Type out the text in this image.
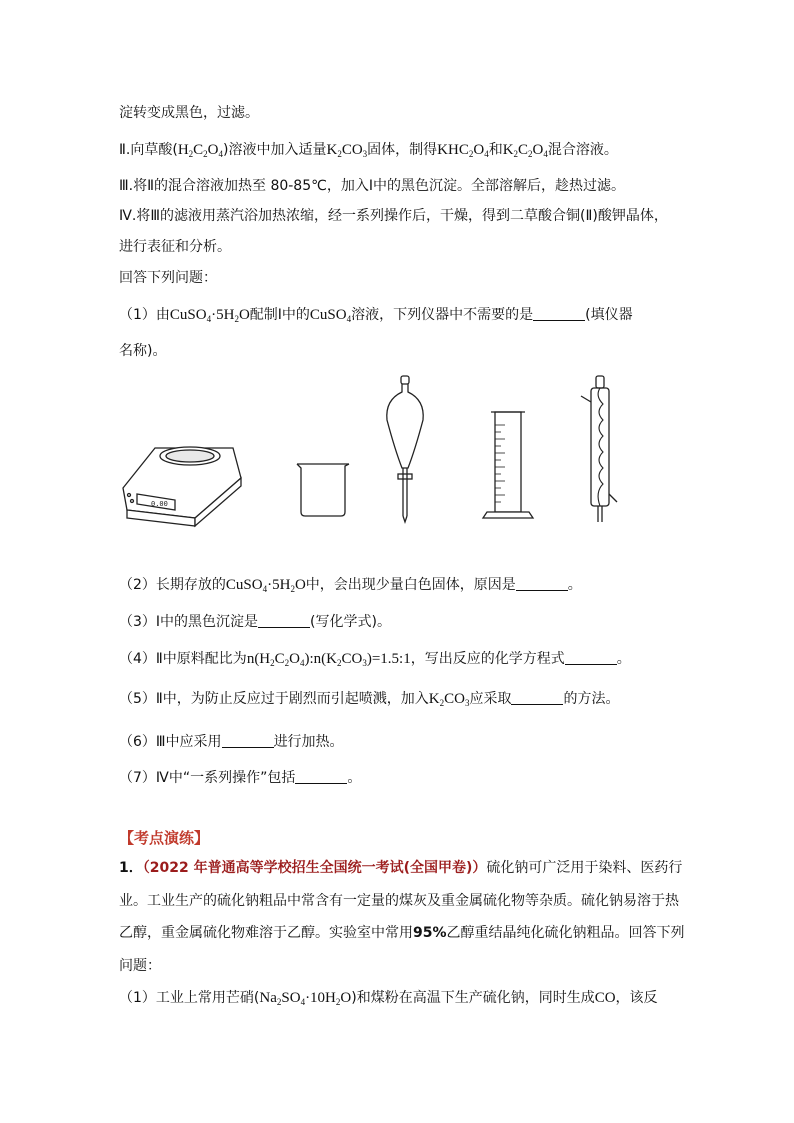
淀转变成黑色，过滤。
Ⅱ.向草酸$(H_2C_2O_4)$溶液中加入适量$K_2CO_3$固体，制得$KHC_2O_4$和$K_2C_2O_4$混合溶液。
Ⅲ.将Ⅱ的混合溶液加热至 80-85℃，加入Ⅰ中的黑色沉淀。全部溶解后，趁热过滤。
Ⅳ.将Ⅲ的滤液用蒸汽浴加热浓缩，经一系列操作后，干燥，得到二草酸合铜(Ⅱ)酸钾晶体，
进行表征和分析。
回答下列问题：
（1）由$CuSO_4\cdot 5H_2O$配制Ⅰ中的CuSO$_4$溶液，下列仪器中不需要的是	(填仪器
名称)。
0.00
（2）长期存放的$CuSO_4\cdot 5H_2O$中，会出现少量白色固体，原因是	。
（3）Ⅰ中的黑色沉淀是	(写化学式)。
（4）Ⅱ中原料配比为$n(H_2C_2O_4):n(K_2CO_3)=1.5:1$，写出反应的化学方程式	。
（5）Ⅱ中，为防止反应过于剧烈而引起喷溅，加入$K_2CO_3$应采取	的方法。
（6）Ⅲ中应采用	进行加热。
（7）Ⅳ中“一系列操作”包括	。
【考点演练】
1．（2022 年普通高等学校招生全国统一考试(全国甲卷)）硫化钠可广泛用于染料、医药行
业。工业生产的硫化钠粗品中常含有一定量的煤灰及重金属硫化物等杂质。硫化钠易溶于热
乙醇，重金属硫化物难溶于乙醇。实验室中常用95%乙醇重结晶纯化硫化钠粗品。回答下列
问题：
（1）工业上常用芒硝$(Na_2SO_4\cdot 10H_2O)$和煤粉在高温下生产硫化钠，同时生成CO，该反
